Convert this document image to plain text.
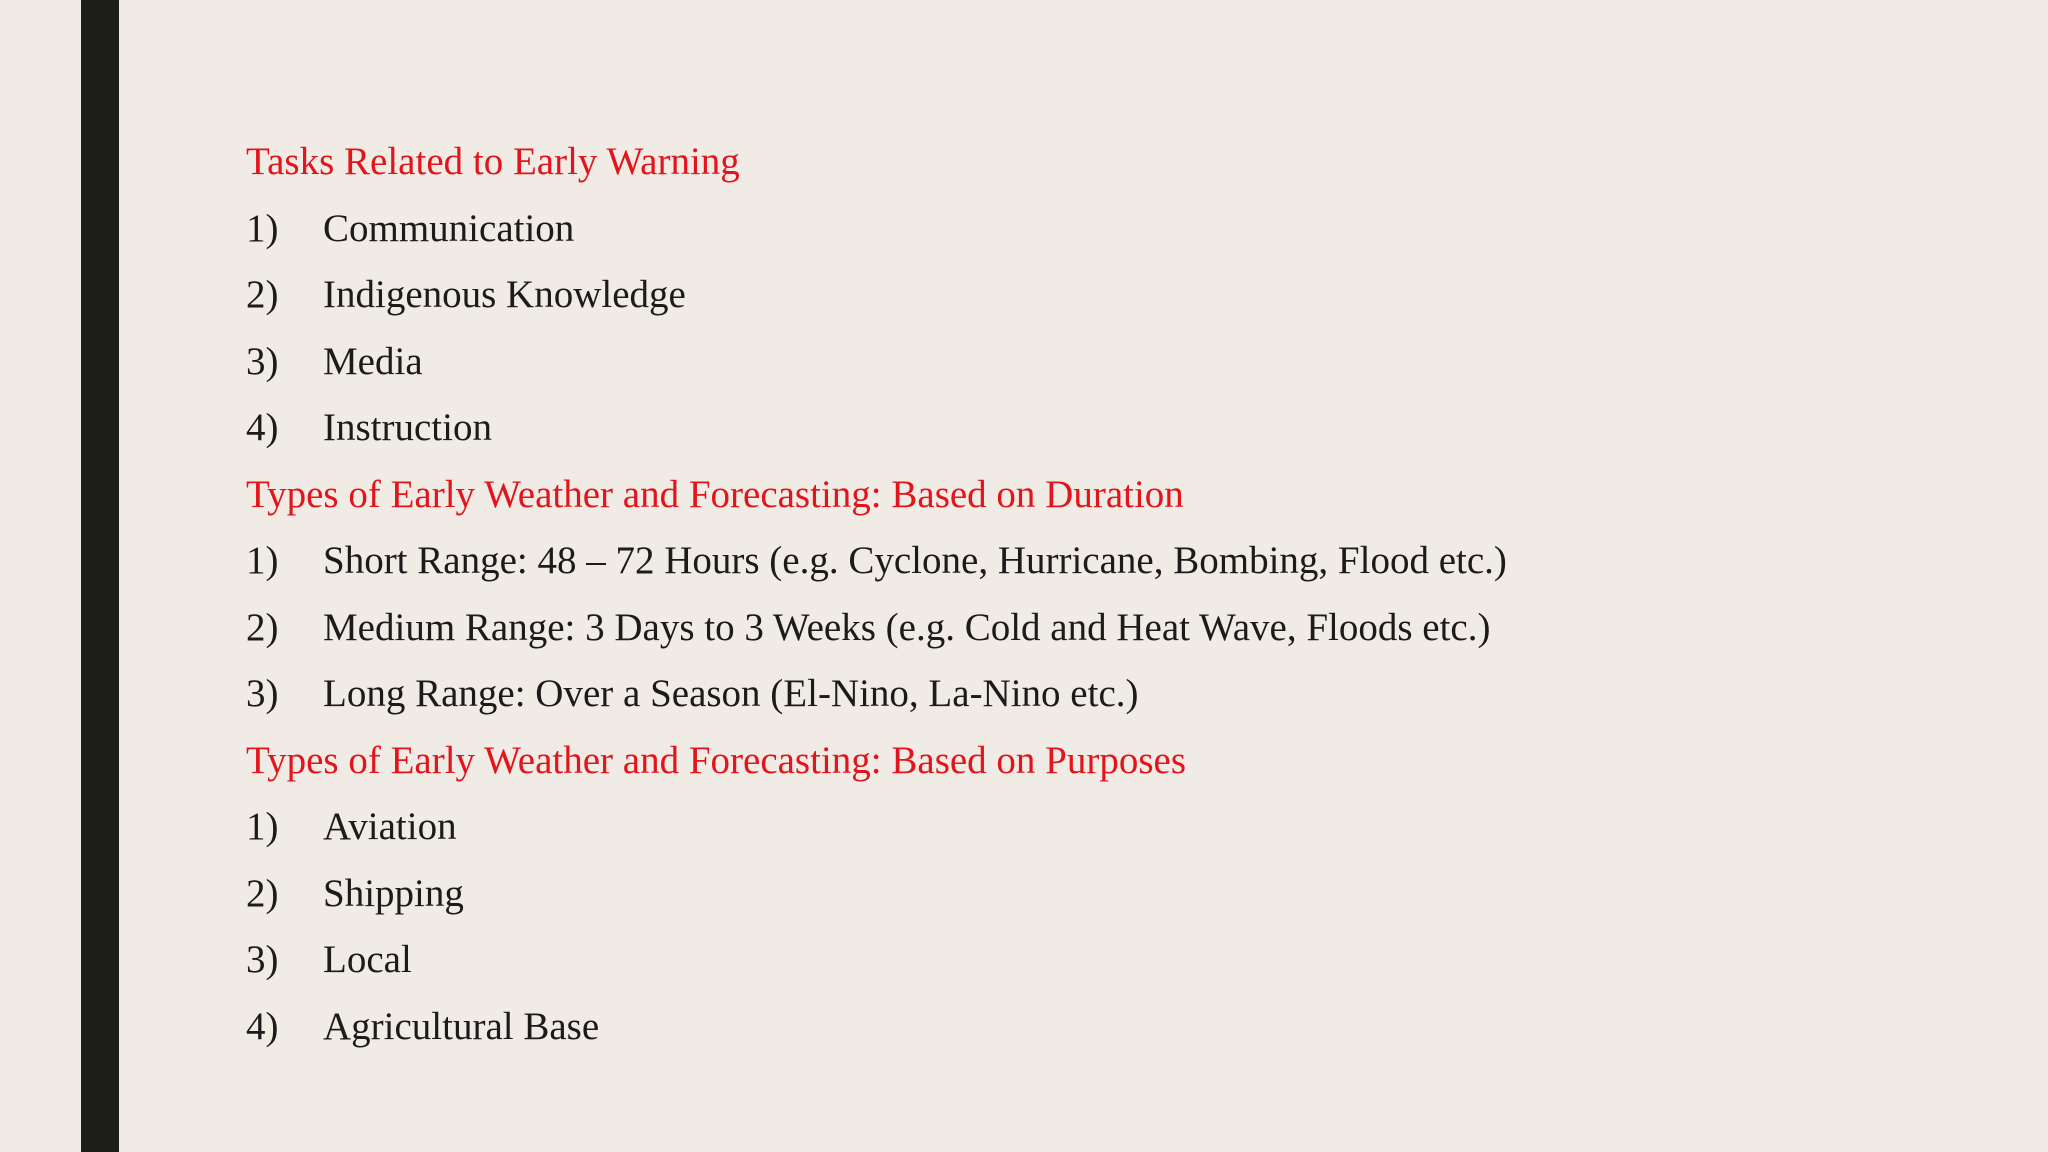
Tasks Related to Early Warning
1)	Communication
2)	Indigenous Knowledge
3)	Media
4)	Instruction
Types of Early Weather and Forecasting: Based on Duration
1)	Short Range: 48 – 72 Hours (e.g. Cyclone, Hurricane, Bombing, Flood etc.)
2)	Medium Range: 3 Days to 3 Weeks (e.g. Cold and Heat Wave, Floods etc.)
3)	Long Range: Over a Season (El-Nino, La-Nino etc.)
Types of Early Weather and Forecasting: Based on Purposes
1)	Aviation
2)	Shipping
3)	Local
4)	Agricultural Base
